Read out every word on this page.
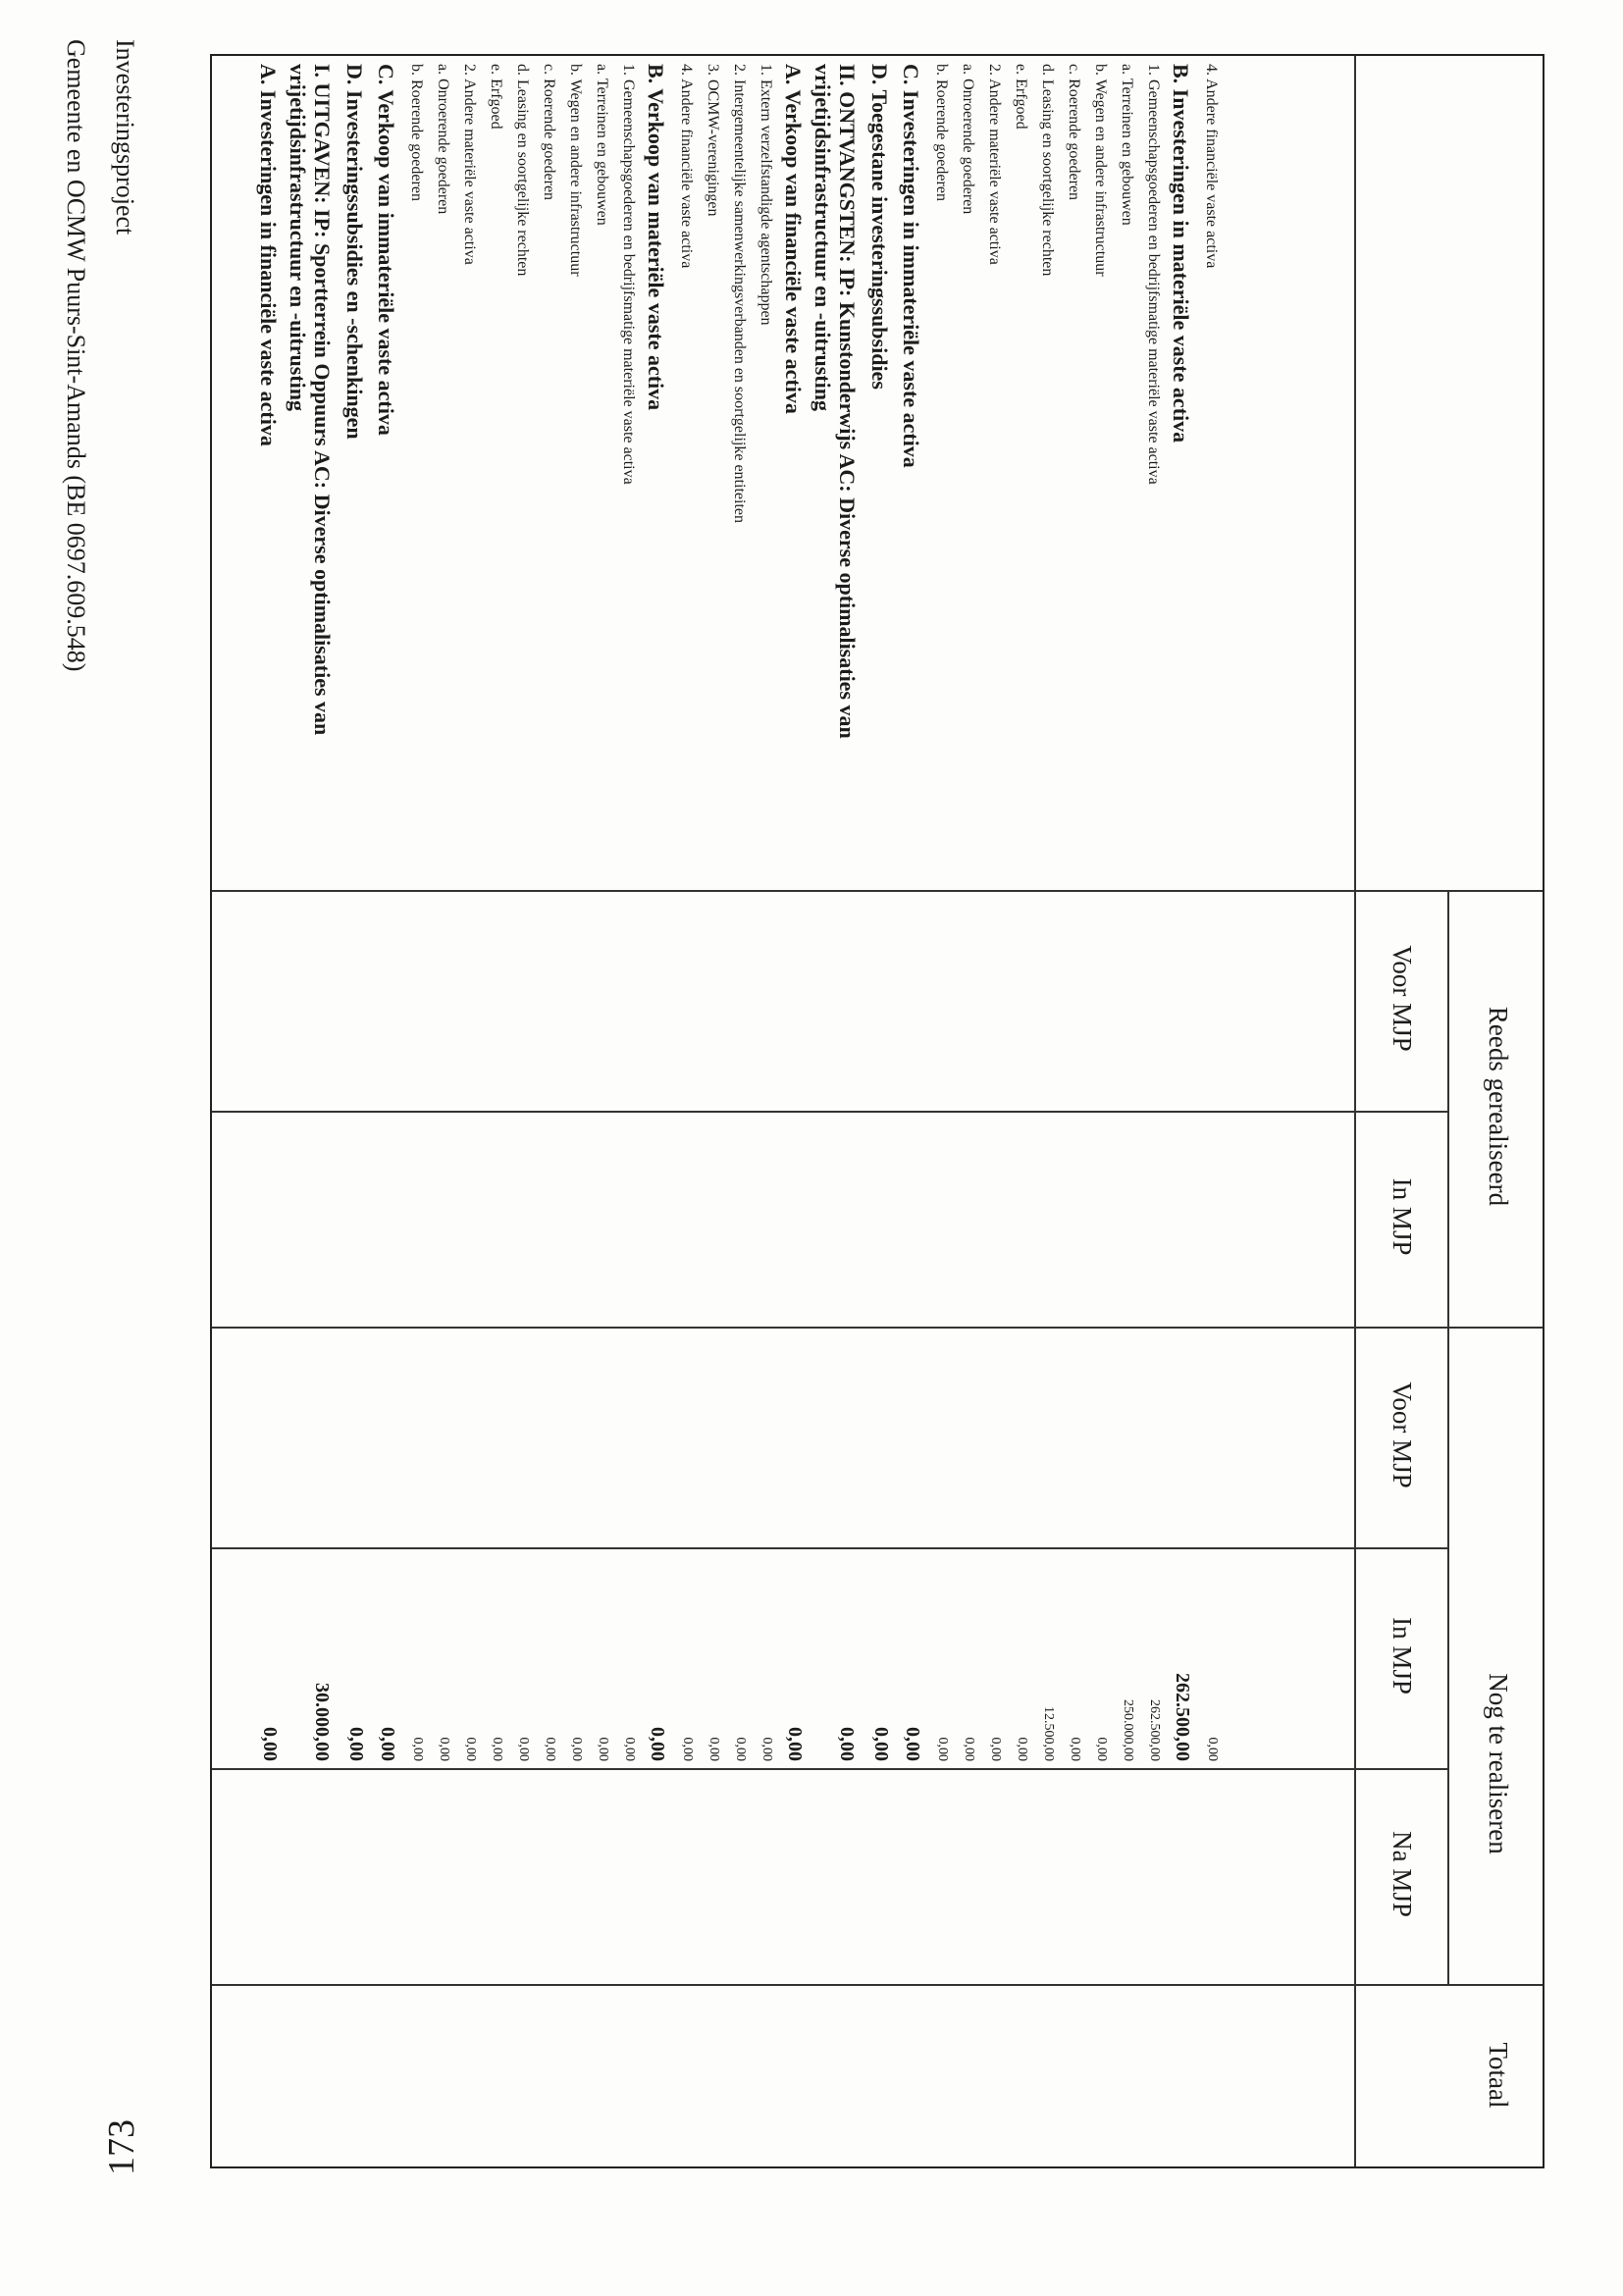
Reeds gerealiseerd
Nog te realiseren
Totaal
Voor MJP
In MJP
Voor MJP
In MJP
Na MJP
A. Investeringen in financiële vaste activa
0,00
I. UITGAVEN: IP: Sportterrein Oppuurs AC: Diverse optimalisaties van vrijetijdsinfrastructuur en -uitrusting
30.000,00
D. Investeringssubsidies en -schenkingen
0,00
C. Verkoop van immateriële vaste activa
0,00
b. Roerende goederen
0,00
a. Onroerende goederen
0,00
2. Andere materiële vaste activa
0,00
e. Erfgoed
0,00
d. Leasing en soortgelijke rechten
0,00
c. Roerende goederen
0,00
b. Wegen en andere infrastructuur
0,00
a. Terreinen en gebouwen
0,00
1. Gemeenschapsgoederen en bedrijfsmatige materiële vaste activa
0,00
B. Verkoop van materiële vaste activa
0,00
4. Andere financiële vaste activa
0,00
3. OCMW-verenigingen
0,00
2. Intergemeentelijke samenwerkingsverbanden en soortgelijke entiteiten
0,00
1. Extern verzelfstandigde agentschappen
0,00
A. Verkoop van financiële vaste activa
0,00
II. ONTVANGSTEN: IP: Kunstonderwijs AC: Diverse optimalisaties van vrijetijdsinfrastructuur en -uitrusting
0,00
D. Toegestane investeringssubsidies
0,00
C. Investeringen in immateriële vaste activa
0,00
b. Roerende goederen
0,00
a. Onroerende goederen
0,00
2. Andere materiële vaste activa
0,00
e. Erfgoed
0,00
d. Leasing en soortgelijke rechten
12.500,00
c. Roerende goederen
0,00
b. Wegen en andere infrastructuur
0,00
a. Terreinen en gebouwen
250.000,00
1. Gemeenschapsgoederen en bedrijfsmatige materiële vaste activa
262.500,00
B. Investeringen in materiële vaste activa
262.500,00
4. Andere financiële vaste activa
0,00
Investeringsproject
Gemeente en OCMW Puurs-Sint-Amands (BE 0697.609.548)
173
